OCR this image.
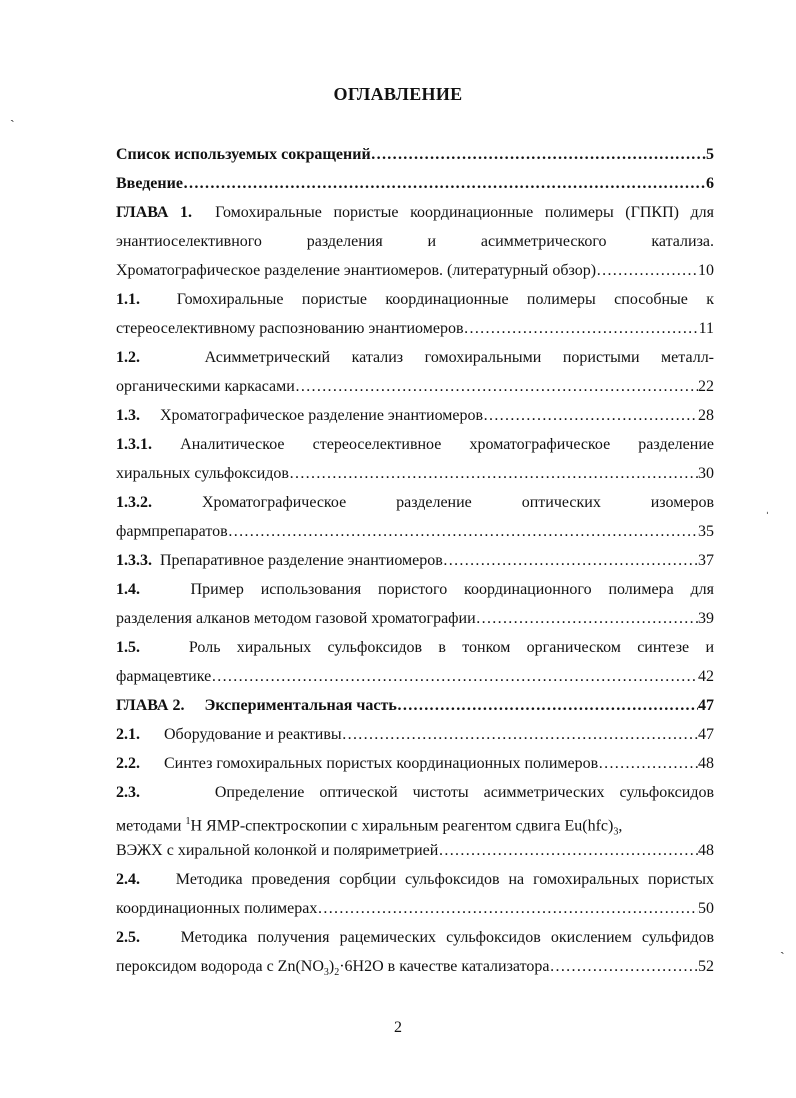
ОГЛАВЛЕНИЕ
Список используемых сокращений …………………………………………………………………………………………………………………………………………………	5
Введение …………………………………………………………………………………………………………………………………………………	6
ГЛАВА 1. Гомохиральные пористые координационные полимеры (ГПКП) для
энантиоселективного разделения и асимметрического катализа.
Хроматографическое разделение энантиомеров. (литературный обзор) …………………………………………………………………………………………………………………………………………………	10
1.1. Гомохиральные пористые координационные полимеры способные к
стереоселективному распознованию энантиомеров …………………………………………………………………………………………………………………………………………………	11
1.2.	Асимметрический катализ гомохиральными пористыми металл-
органическими каркасами …………………………………………………………………………………………………………………………………………………	22
1.3. Хроматографическое разделение энантиомеров …………………………………………………………………………………………………………………………………………………	28
1.3.1. Аналитическое стереоселективное хроматографическое разделение
хиральных сульфоксидов …………………………………………………………………………………………………………………………………………………	30
1.3.2.	Хроматографическое разделение оптических изомеров
фармпрепаратов …………………………………………………………………………………………………………………………………………………	35
1.3.3. Препаративное разделение энантиомеров …………………………………………………………………………………………………………………………………………………	37
1.4.	Пример использования пористого координационного полимера для
разделения алканов методом газовой хроматографии …………………………………………………………………………………………………………………………………………………	39
1.5.	Роль хиральных сульфоксидов в тонком органическом синтезе и
фармацевтике …………………………………………………………………………………………………………………………………………………	42
ГЛАВА 2. Экспериментальная часть …………………………………………………………………………………………………………………………………………………	47
2.1. Оборудование и реактивы …………………………………………………………………………………………………………………………………………………	47
2.2. Синтез гомохиральных пористых координационных полимеров …………………………………………………………………………………………………………………………………………………	48
2.3.	Определение оптической чистоты асимметрических сульфоксидов
методами $^1$Н ЯМР-спектроскопии с хиральным реагентом сдвига $Eu(hfc)_3$,
ВЭЖХ с хиральной колонкой и поляриметрией …………………………………………………………………………………………………………………………………………………	48
2.4. Методика проведения сорбции сульфоксидов на гомохиральных пористых
координационных полимерах …………………………………………………………………………………………………………………………………………………	50
2.5.	Методика получения рацемических сульфоксидов окислением сульфидов
пероксидом водорода с $Zn(NO_3)_2\cdot 6H2O$ в качестве катализатора …………………………………………………………………………………………………………………………………………………	52
2
ˏ
ˌ
ˏ
